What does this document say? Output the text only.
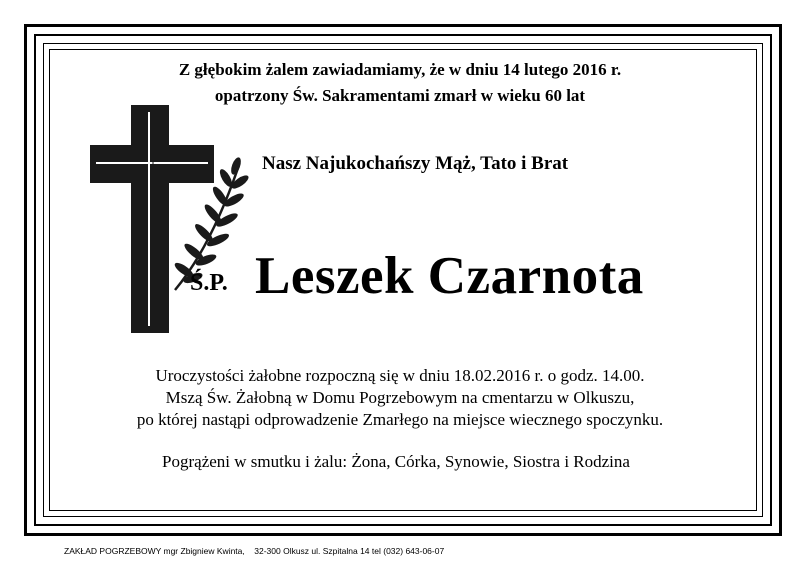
Z głębokim żalem zawiadamiamy, że w dniu 14 lutego 2016 r.
opatrzony Św. Sakramentami zmarł w wieku 60 lat
Nasz Najukochańszy Mąż, Tato i Brat
Ś.P. Leszek Czarnota
Uroczystości żałobne rozpoczną się w dniu 18.02.2016 r. o godz. 14.00.
Mszą Św. Żałobną w Domu Pogrzebowym na cmentarzu w Olkuszu,
po której nastąpi odprowadzenie Zmarłego na miejsce wiecznego spoczynku.
Pogrążeni w smutku i żalu: Żona, Córka, Synowie, Siostra i Rodzina
ZAKŁAD POGRZEBOWY mgr Zbigniew Kwinta, 32-300 Olkusz ul. Szpitalna 14 tel (032) 643-06-07
